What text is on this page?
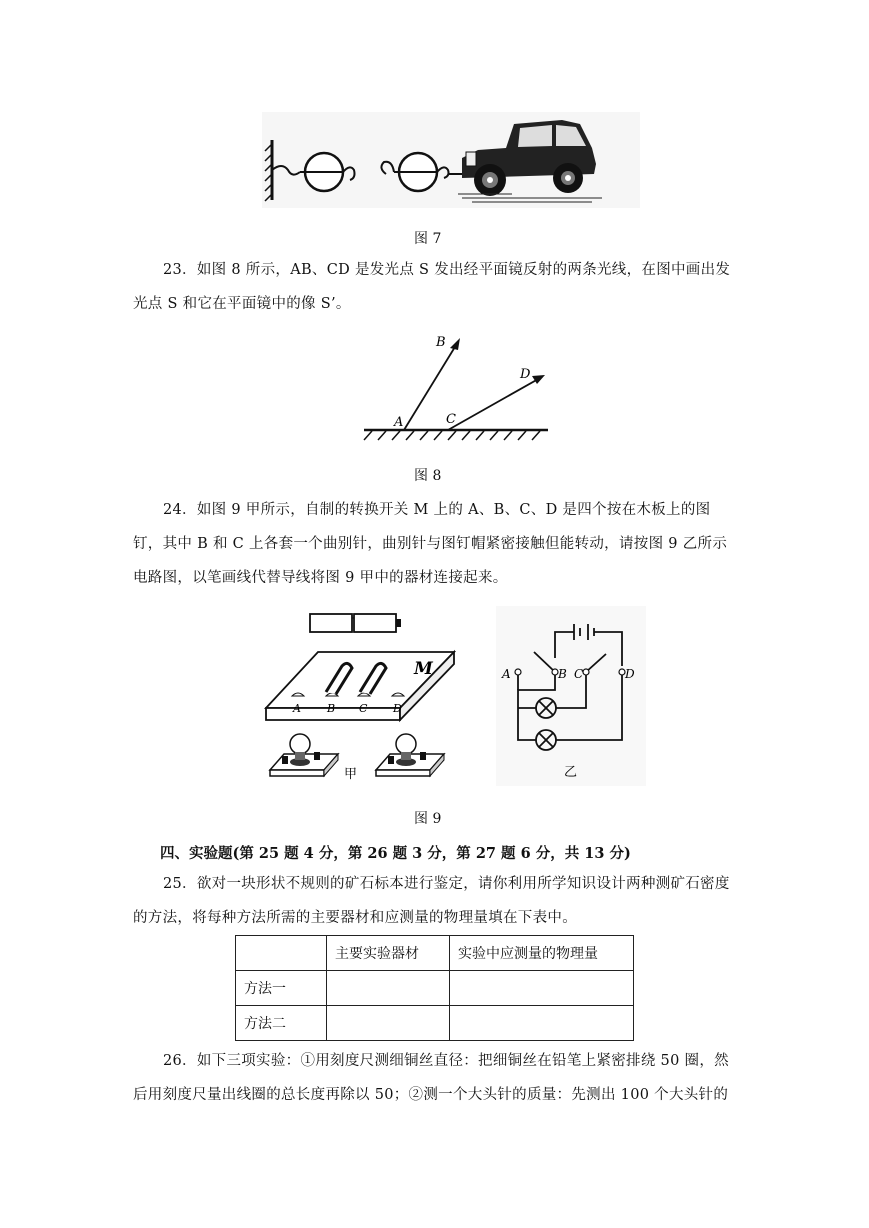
图 7

23．如图 8 所示，AB、CD 是发光点 S 发出经平面镜反射的两条光线，在图中画出发光点 S 和它在平面镜中的像 S’。

B
D
A	C
图 8

24．如图 9 甲所示，自制的转换开关 M 上的 A、B、C、D 是四个按在木板上的图钉，其中 B 和 C 上各套一个曲别针，曲别针与图钉帽紧密接触但能转动，请按图 9 乙所示电路图，以笔画线代替导线将图 9 甲中的器材连接起来。

M
A B C D
甲
A	B C	D
乙
图 9
四、实验题(第 25 题 4 分，第 26 题 3 分，第 27 题 6 分，共 13 分)

25．欲对一块形状不规则的矿石标本进行鉴定，请你利用所学知识设计两种测矿石密度的方法，将每种方法所需的主要器材和应测量的物理量填在下表中。

	主要实验器材	实验中应测量的物理量
方法一		
方法二		

26．如下三项实验：①用刻度尺测细铜丝直径：把细铜丝在铅笔上紧密排绕 50 圈，然后用刻度尺量出线圈的总长度再除以 50；②测一个大头针的质量：先测出 100 个大头针的
